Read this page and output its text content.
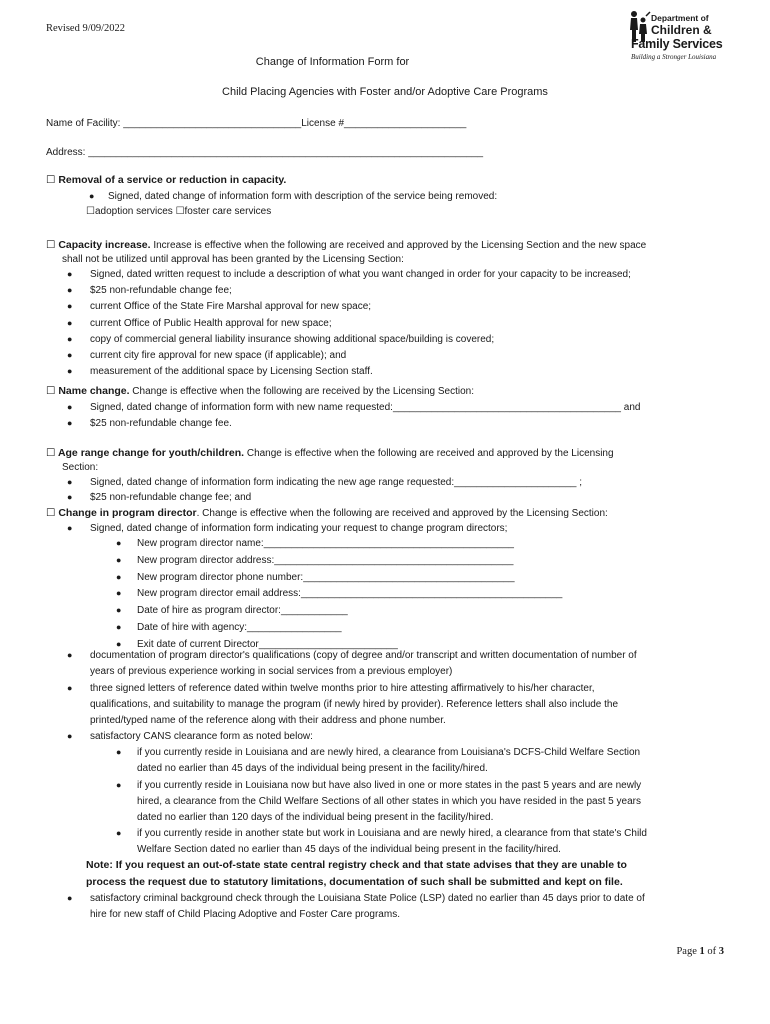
Revised 9/09/2022
Department of
Children &
Family Services
Building a Stronger Louisiana
Change of Information Form for
Child Placing Agencies with Foster and/or Adoptive Care Programs
Name of Facility: ________________________________License #______________________
Address: _______________________________________________________________________
☐ Removal of a service or reduction in capacity.
● Signed, dated change of information form with description of the service being removed:
☐adoption services ☐foster care services
☐ Capacity increase. Increase is effective when the following are received and approved by the Licensing Section and the new space
shall not be utilized until approval has been granted by the Licensing Section:
● Signed, dated written request to include a description of what you want changed in order for your capacity to be increased;
● $25 non-refundable change fee;
● current Office of the State Fire Marshal approval for new space;
● current Office of Public Health approval for new space;
● copy of commercial general liability insurance showing additional space/building is covered;
● current city fire approval for new space (if applicable); and
● measurement of the additional space by Licensing Section staff.
☐ Name change. Change is effective when the following are received by the Licensing Section:
● Signed, dated change of information form with new name requested:_________________________________________ and
● $25 non-refundable change fee.
☐ Age range change for youth/children. Change is effective when the following are received and approved by the Licensing
Section:
● Signed, dated change of information form indicating the new age range requested:______________________ ;
● $25 non-refundable change fee; and
☐ Change in program director. Change is effective when the following are received and approved by the Licensing Section:
● Signed, dated change of information form indicating your request to change program directors;
● New program director name:_____________________________________________
● New program director address:___________________________________________
● New program director phone number:______________________________________
● New program director email address:_______________________________________________
● Date of hire as program director:____________
● Date of hire with agency:_________________
● Exit date of current Director_________________________
● documentation of program director's qualifications (copy of degree and/or transcript and written documentation of number of
years of previous experience working in social services from a previous employer)
● three signed letters of reference dated within twelve months prior to hire attesting affirmatively to his/her character,
qualifications, and suitability to manage the program (if newly hired by provider). Reference letters shall also include the
printed/typed name of the reference along with their address and phone number.
● satisfactory CANS clearance form as noted below:
● if you currently reside in Louisiana and are newly hired, a clearance from Louisiana's DCFS-Child Welfare Section
dated no earlier than 45 days of the individual being present in the facility/hired.
● if you currently reside in Louisiana now but have also lived in one or more states in the past 5 years and are newly
hired, a clearance from the Child Welfare Sections of all other states in which you have resided in the past 5 years
dated no earlier than 120 days of the individual being present in the facility/hired.
● if you currently reside in another state but work in Louisiana and are newly hired, a clearance from that state's Child
Welfare Section dated no earlier than 45 days of the individual being present in the facility/hired.
Note: If you request an out-of-state state central registry check and that state advises that they are unable to
process the request due to statutory limitations, documentation of such shall be submitted and kept on file.
● satisfactory criminal background check through the Louisiana State Police (LSP) dated no earlier than 45 days prior to date of
hire for new staff of Child Placing Adoptive and Foster Care programs.
Page 1 of 3
